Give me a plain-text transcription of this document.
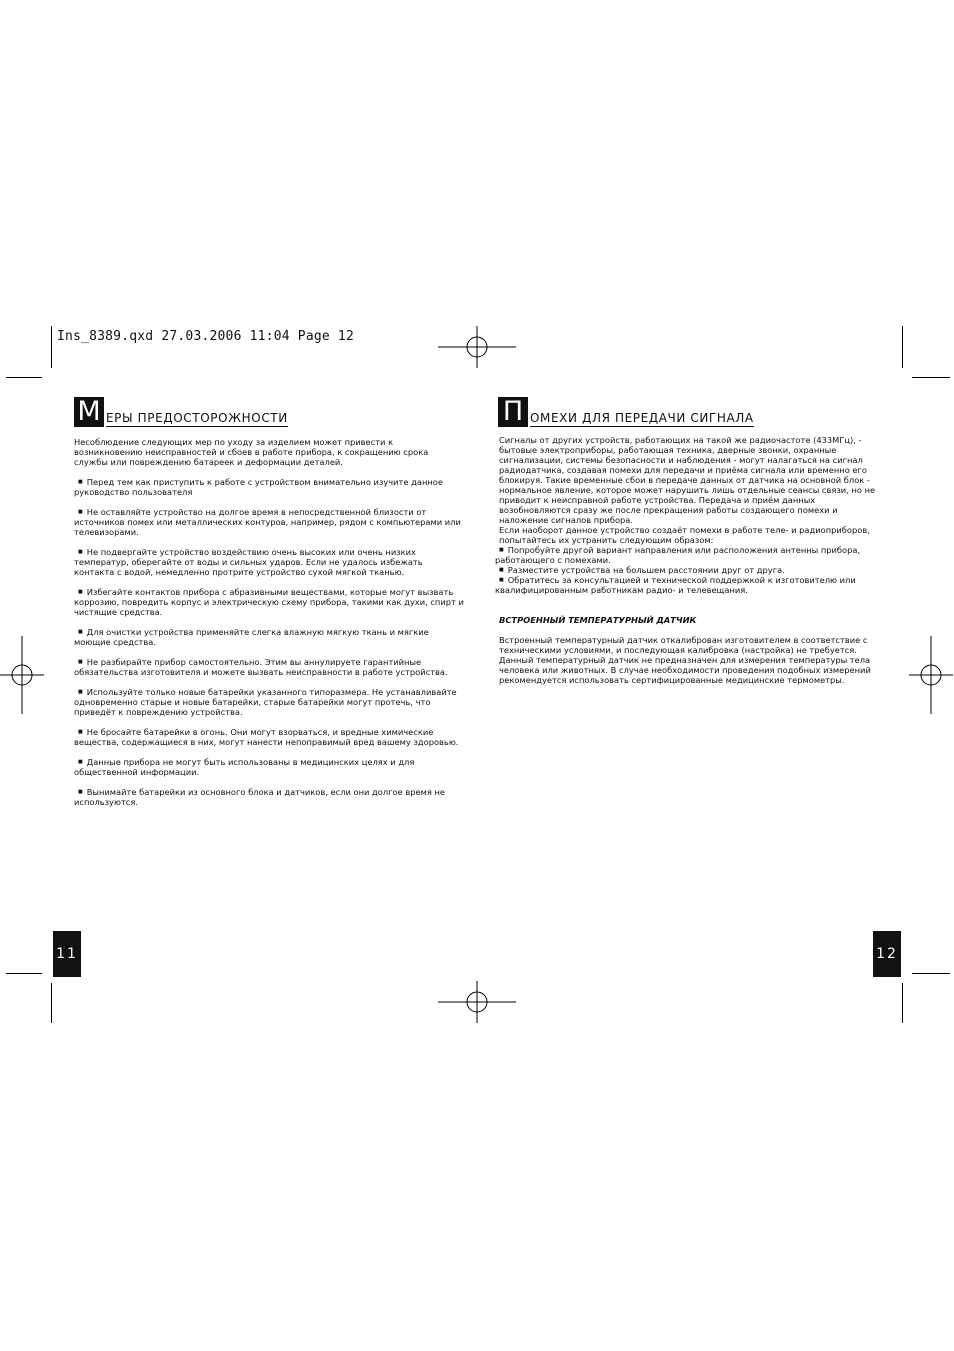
Ins_8389.qxd 27.03.2006 11:04 Page 12
М ЕРЫ ПРЕДОСТОРОЖНОСТИ

Несоблюдение следующих мер по уходу за изделием может привести к возникновению неисправностей и сбоев в работе прибора, к сокращению срока службы или повреждению батареек и деформации деталей.

■ Перед тем как приступить к работе с устройством внимательно изучите данное руководство пользователя

■ Не оставляйте устройство на долгое время в непосредственной близости от источников помех или металлических контуров, например, рядом с компьютерами или телевизорами.

■ Не подвергайте устройство воздействию очень высоких или очень низких температур, оберегайте от воды и сильных ударов. Если не удалось избежать контакта с водой, немедленно протрите устройство сухой мягкой тканью.

■ Избегайте контактов прибора с абразивными веществами, которые могут вызвать коррозию, повредить корпус и электрическую схему прибора, такими как духи, спирт и чистящие средства.

■ Для очистки устройства применяйте слегка влажную мягкую ткань и мягкие моющие средства.

■ Не разбирайте прибор самостоятельно. Этим вы аннулируете гарантийные обязательства изготовителя и можете вызвать неисправности в работе устройства.

■ Используйте только новые батарейки указанного типоразмера. Не устанавливайте одновременно старые и новые батарейки, старые батарейки могут протечь, что приведёт к повреждению устройства.

■ Не бросайте батарейки в огонь. Они могут взорваться, и вредные химические вещества, содержащиеся в них, могут нанести непоправимый вред вашему здоровью.

■ Данные прибора не могут быть использованы в медицинских целях и для общественной информации.

■ Вынимайте батарейки из основного блока и датчиков, если они долгое время не используются.

11
П ОМЕХИ ДЛЯ ПЕРЕДАЧИ СИГНАЛА

Сигналы от других устройств, работающих на такой же радиочастоте (433МГц), - бытовые электроприборы, работающая техника, дверные звонки, охранные сигнализации, системы безопасности и наблюдения - могут налагаться на сигнал радиодатчика, создавая помехи для передачи и приёма сигнала или временно его блокируя. Такие временные сбои в передаче данных от датчика на основной блок - нормальное явление, которое может нарушить лишь отдельные сеансы связи, но не приводит к неисправной работе устройства. Передача и приём данных возобновляются сразу же после прекращения работы создающего помехи и наложение сигналов прибора.

Если наоборот данное устройство создаёт помехи в работе теле- и радиоприборов, попытайтесь их устранить следующим образом:

■ Попробуйте другой вариант направления или расположения антенны прибора, работающего с помехами.

■ Разместите устройства на большем расстоянии друг от друга.

■ Обратитесь за консультацией и технической поддержкой к изготовителю или квалифицированным работникам радио- и телевещания.

ВСТРОЕННЫЙ ТЕМПЕРАТУРНЫЙ ДАТЧИК

Встроенный температурный датчик откалиброван изготовителем в соответствие с техническими условиями, и последующая калибровка (настройка) не требуется. Данный температурный датчик не предназначен для измерения температуры тела человека или животных. В случае необходимости проведения подобных измерений рекомендуется использовать сертифицированные медицинские термометры.

12
